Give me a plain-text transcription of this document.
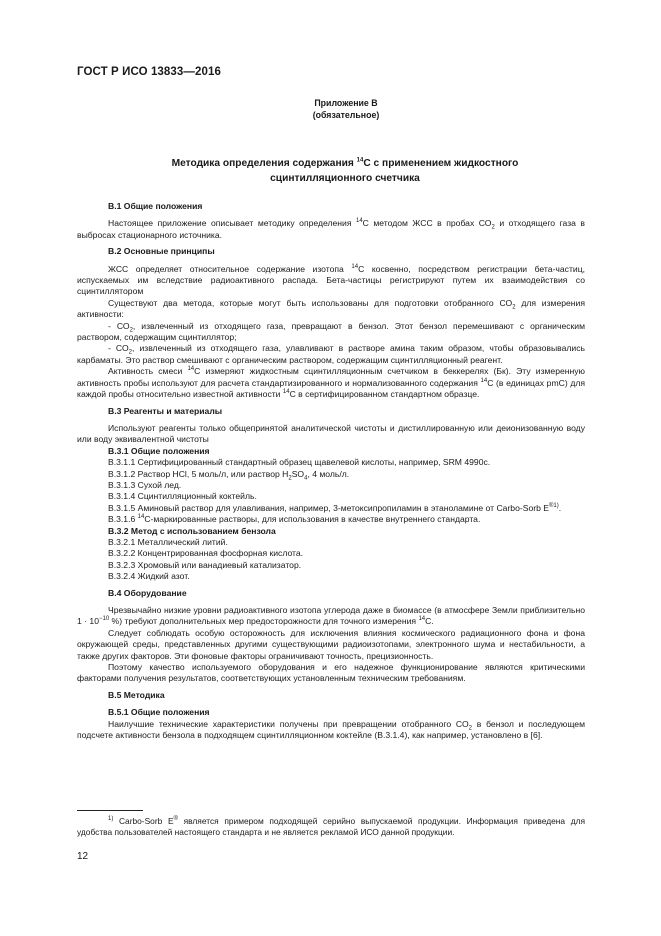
ГОСТ Р ИСО 13833—2016
Приложение В
(обязательное)
Методика определения содержания $^{14}$С с применением жидкостного
сцинтилляционного счетчика

В.1 Общие положения

Настоящее приложение описывает методику определения $^{14}$С методом ЖСС в пробах $СО_2$ и отходящего газа в выбросах стационарного источника.

В.2 Основные принципы

ЖСС определяет относительное содержание изотопа $^{14}$С косвенно, посредством регистрации бета-частиц, испускаемых им вследствие радиоактивного распада. Бета-частицы регистрируют путем их взаимодействия со сцинтиллятором

Существуют два метода, которые могут быть использованы для подготовки отобранного $СО_2$ для измерения активности:

- $СО_2$, извлеченный из отходящего газа, превращают в бензол. Этот бензол перемешивают с органическим раствором, содержащим сцинтиллятор;

- $СО_2$, извлеченный из отходящего газа, улавливают в растворе амина таким образом, чтобы образовывались карбаматы. Это раствор смешивают с органическим раствором, содержащим сцинтилляционный реагент.

Активность смеси $^{14}$С измеряют жидкостным сцинтилляционным счетчиком в беккерелях (Бк). Эту измеренную активность пробы используют для расчета стандартизированного и нормализованного содержания $^{14}$С (в единицах pmC) для каждой пробы относительно известной активности $^{14}$С в сертифицированном стандартном образце.

В.3 Реагенты и материалы

Используют реагенты только общепринятой аналитической чистоты и дистиллированную или деионизованную воду или воду эквивалентной чистоты

В.3.1 Общие положения

В.3.1.1 Сертифицированный стандартный образец щавелевой кислоты, например, SRM 4990c.

В.3.1.2 Раствор HCl, 5 моль/л, или раствор $H_2SO_4$, 4 моль/л.

В.3.1.3 Сухой лед.

В.3.1.4 Сцинтилляционный коктейль.

В.3.1.5 Аминовый раствор для улавливания, например, 3-метоксипропиламин в этаноламине от Carbo-Sorb $E^{®1)}$.

В.3.1.6 $^{14}$С-маркированные растворы, для использования в качестве внутреннего стандарта.

В.3.2 Метод с использованием бензола

В.3.2.1 Металлический литий.

В.3.2.2 Концентрированная фосфорная кислота.

В.3.2.3 Хромовый или ванадиевый катализатор.

В.3.2.4 Жидкий азот.

В.4 Оборудование

Чрезвычайно низкие уровни радиоактивного изотопа углерода даже в биомассе (в атмосфере Земли приблизительно $1 \cdot 10^{-10}$ %) требуют дополнительных мер предосторожности для точного измерения $^{14}$С.

Следует соблюдать особую осторожность для исключения влияния космического радиационного фона и фона окружающей среды, представленных другими существующими радиоизотопами, электронного шума и нестабильности, а также других факторов. Эти фоновые факторы ограничивают точность, прецизионность.

Поэтому качество используемого оборудования и его надежное функционирование являются критическими факторами получения результатов, соответствующих установленным техническим требованиям.

В.5 Методика

В.5.1 Общие положения

Наилучшие технические характеристики получены при превращении отобранного $СО_2$ в бензол и последующем подсчете активности бензола в подходящем сцинтилляционном коктейле (В.3.1.4), как например, установлено в [6].

$^{1)}$ Carbo-Sorb E® является примером подходящей серийно выпускаемой продукции. Информация приведена для удобства пользователей настоящего стандарта и не является рекламой ИСО данной продукции.
12
